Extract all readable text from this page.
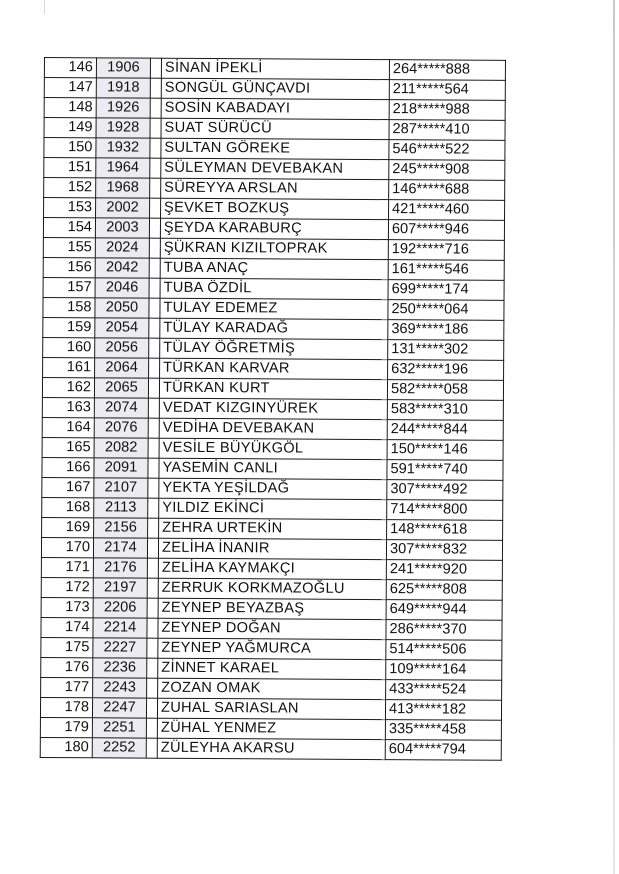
146	1906		SİNAN İPEKLİ	264*****888
147	1918		SONGÜL GÜNÇAVDI	211*****564
148	1926		SOSİN KABADAYI	218*****988
149	1928		SUAT SÜRÜCÜ	287*****410
150	1932		SULTAN GÖREKE	546*****522
151	1964		SÜLEYMAN DEVEBAKAN	245*****908
152	1968		SÜREYYA ARSLAN	146*****688
153	2002		ŞEVKET BOZKUŞ	421*****460
154	2003		ŞEYDA KARABURÇ	607*****946
155	2024		ŞÜKRAN KIZILTOPRAK	192*****716
156	2042		TUBA ANAÇ	161*****546
157	2046		TUBA ÖZDİL	699*****174
158	2050		TULAY EDEMEZ	250*****064
159	2054		TÜLAY KARADAĞ	369*****186
160	2056		TÜLAY ÖĞRETMİŞ	131*****302
161	2064		TÜRKAN KARVAR	632*****196
162	2065		TÜRKAN KURT	582*****058
163	2074		VEDAT KIZGINYÜREK	583*****310
164	2076		VEDİHA DEVEBAKAN	244*****844
165	2082		VESİLE BÜYÜKGÖL	150*****146
166	2091		YASEMİN CANLI	591*****740
167	2107		YEKTA YEŞİLDAĞ	307*****492
168	2113		YILDIZ EKİNCİ	714*****800
169	2156		ZEHRA URTEKİN	148*****618
170	2174		ZELİHA İNANIR	307*****832
171	2176		ZELİHA KAYMAKÇI	241*****920
172	2197		ZERRUK KORKMAZOĞLU	625*****808
173	2206		ZEYNEP BEYAZBAŞ	649*****944
174	2214		ZEYNEP DOĞAN	286*****370
175	2227		ZEYNEP YAĞMURCA	514*****506
176	2236		ZİNNET KARAEL	109*****164
177	2243		ZOZAN OMAK	433*****524
178	2247		ZUHAL SARIASLAN	413*****182
179	2251		ZÜHAL YENMEZ	335*****458
180	2252		ZÜLEYHA AKARSU	604*****794
